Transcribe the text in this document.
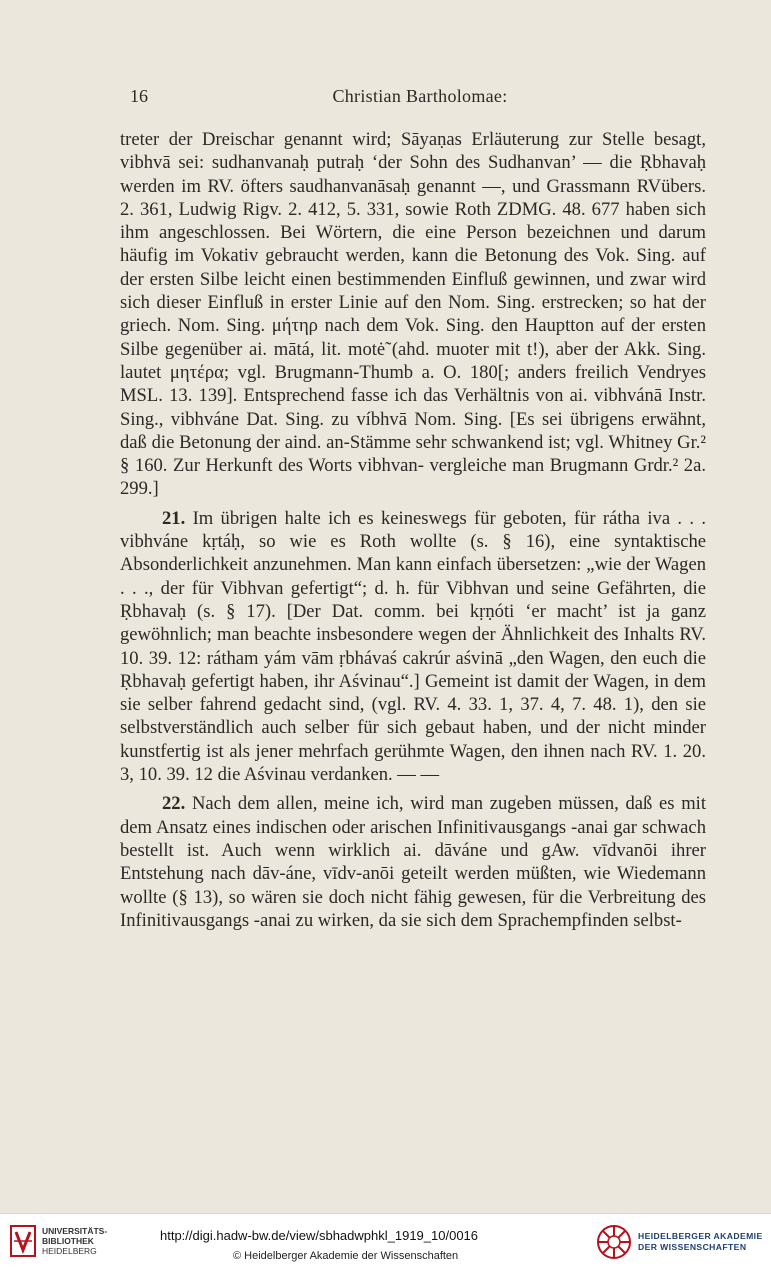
16	Christian Bartholomae:

treter der Dreischar genannt wird; Sāyaṇas Erläuterung zur Stelle besagt, vibhvā sei: sudhanvanaḥ putraḥ ‘der Sohn des Sudhanvan’ — die Ṛbhavaḥ werden im RV. öfters saudhanvanāsaḥ genannt —, und Grassmann RVübers. 2. 361, Ludwig Rigv. 2. 412, 5. 331, sowie Roth ZDMG. 48. 677 haben sich ihm angeschlossen. Bei Wörtern, die eine Person bezeichnen und darum häufig im Vokativ gebraucht werden, kann die Betonung des Vok. Sing. auf der ersten Silbe leicht einen bestimmenden Einfluß gewinnen, und zwar wird sich dieser Einfluß in erster Linie auf den Nom. Sing. erstrecken; so hat der griech. Nom. Sing. μήτηρ nach dem Vok. Sing. den Hauptton auf der ersten Silbe gegenüber ai. mātá, lit. motė̃ (ahd. muoter mit t!), aber der Akk. Sing. lautet μητέρα; vgl. Brugmann-Thumb a. O. 180[; anders freilich Vendryes MSL. 13. 139]. Entsprechend fasse ich das Verhältnis von ai. vibhvánā Instr. Sing., vibhváne Dat. Sing. zu víbhvā Nom. Sing. [Es sei übrigens erwähnt, daß die Betonung der aind. an-Stämme sehr schwankend ist; vgl. Whitney Gr.² § 160. Zur Herkunft des Worts vibhvan- vergleiche man Brugmann Grdr.² 2a. 299.]

21. Im übrigen halte ich es keineswegs für geboten, für rátha iva . . . vibhváne kṛtáḥ, so wie es Roth wollte (s. § 16), eine syntaktische Absonderlichkeit anzunehmen. Man kann einfach übersetzen: „wie der Wagen . . ., der für Vibhvan gefertigt“; d. h. für Vibhvan und seine Gefährten, die Ṛbhavaḥ (s. § 17). [Der Dat. comm. bei kṛṇóti ‘er macht’ ist ja ganz gewöhnlich; man beachte insbesondere wegen der Ähnlichkeit des Inhalts RV. 10. 39. 12: rátham yám vām ṛbhávaś cakrúr aśvinā „den Wagen, den euch die Ṛbhavaḥ gefertigt haben, ihr Aśvinau“.] Gemeint ist damit der Wagen, in dem sie selber fahrend gedacht sind, (vgl. RV. 4. 33. 1, 37. 4, 7. 48. 1), den sie selbstverständlich auch selber für sich gebaut haben, und der nicht minder kunstfertig ist als jener mehrfach gerühmte Wagen, den ihnen nach RV. 1. 20. 3, 10. 39. 12 die Aśvinau verdanken. — —

22. Nach dem allen, meine ich, wird man zugeben müssen, daß es mit dem Ansatz eines indischen oder arischen Infinitivausgangs -anai gar schwach bestellt ist. Auch wenn wirklich ai. dāváne und gAw. vīdvanōi ihrer Entstehung nach dāv-áne, vīdv-anōi geteilt werden müßten, wie Wiedemann wollte (§ 13), so wären sie doch nicht fähig gewesen, für die Verbreitung des Infinitivausgangs -anai zu wirken, da sie sich dem Sprachempfinden selbst-

UNIVERSITÄTS-
BIBLIOTHEK
HEIDELBERG
http://digi.hadw-bw.de/view/sbhadwphkl_1919_10/0016
© Heidelberger Akademie der Wissenschaften
HEIDELBERGER AKADEMIE
DER WISSENSCHAFTEN
